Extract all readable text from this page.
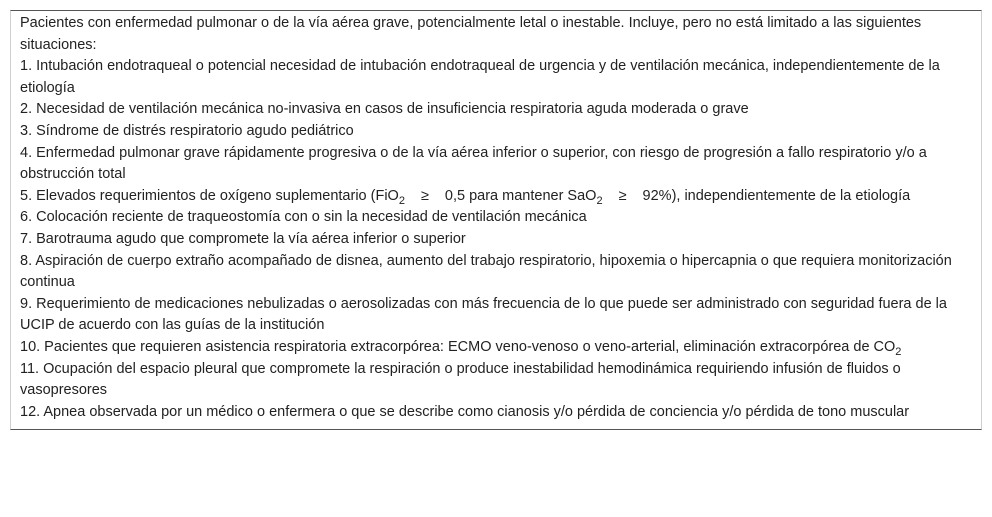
Pacientes con enfermedad pulmonar o de la vía aérea grave, potencialmente letal o inestable. Incluye, pero no está limitado a las siguientes situaciones:
1. Intubación endotraqueal o potencial necesidad de intubación endotraqueal de urgencia y de ventilación mecánica, independientemente de la etiología
2. Necesidad de ventilación mecánica no-invasiva en casos de insuficiencia respiratoria aguda moderada o grave
3. Síndrome de distrés respiratorio agudo pediátrico
4. Enfermedad pulmonar grave rápidamente progresiva o de la vía aérea inferior o superior, con riesgo de progresión a fallo respiratorio y/o a obstrucción total
5. Elevados requerimientos de oxígeno suplementario (FiO$_2$ ≥ 0,5 para mantener SaO$_2$ ≥ 92%), independientemente de la etiología
6. Colocación reciente de traqueostomía con o sin la necesidad de ventilación mecánica
7. Barotrauma agudo que compromete la vía aérea inferior o superior
8. Aspiración de cuerpo extraño acompañado de disnea, aumento del trabajo respiratorio, hipoxemia o hipercapnia o que requiera monitorización continua
9. Requerimiento de medicaciones nebulizadas o aerosolizadas con más frecuencia de lo que puede ser administrado con seguridad fuera de la UCIP de acuerdo con las guías de la institución
10. Pacientes que requieren asistencia respiratoria extracorpórea: ECMO veno-venoso o veno-arterial, eliminación extracorpórea de $CO_2$
11. Ocupación del espacio pleural que compromete la respiración o produce inestabilidad hemodinámica requiriendo infusión de fluidos o vasopresores
12. Apnea observada por un médico o enfermera o que se describe como cianosis y/o pérdida de conciencia y/o pérdida de tono muscular
